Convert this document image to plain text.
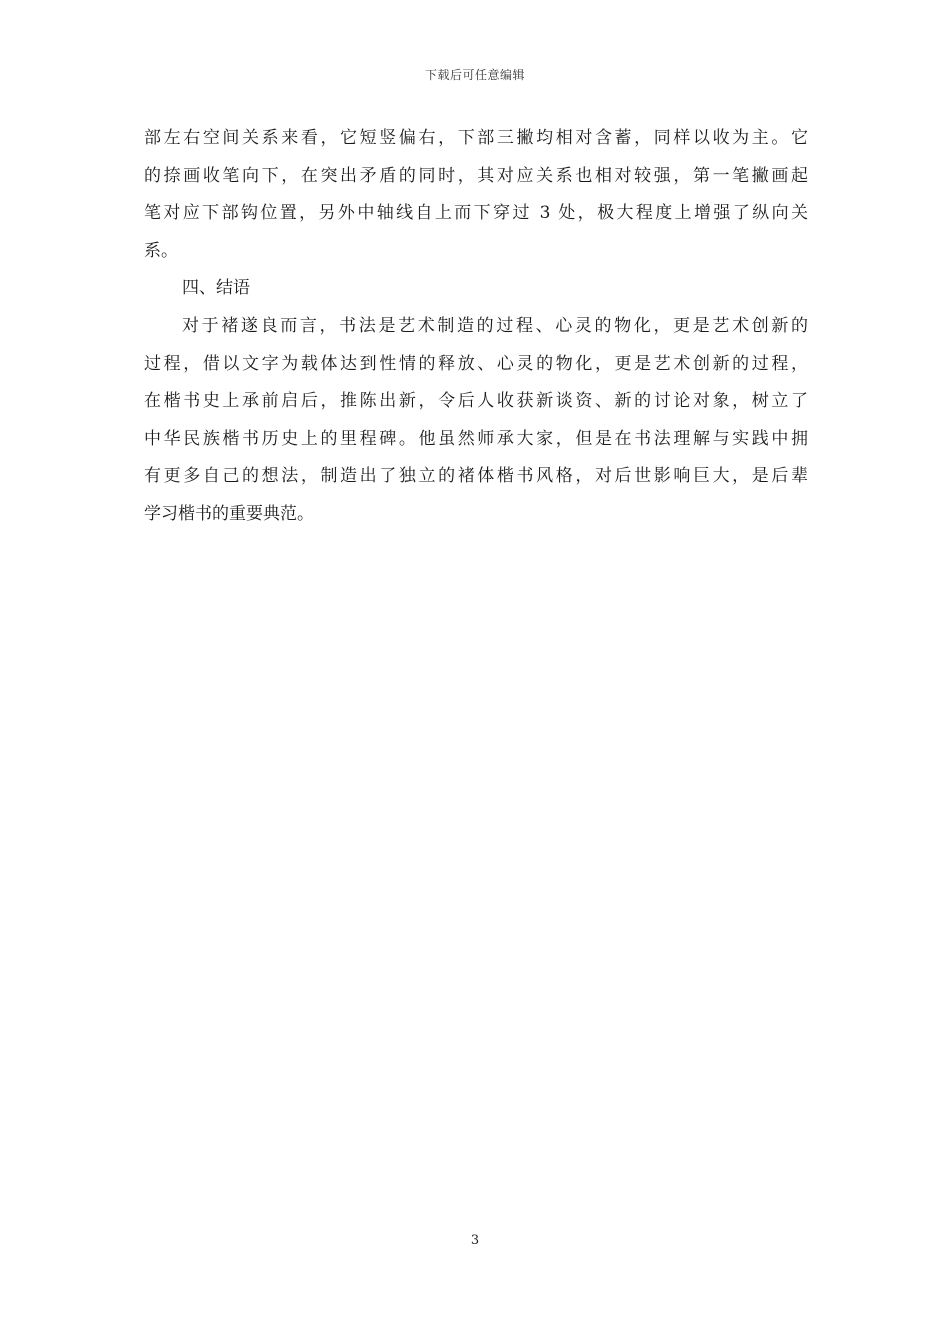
下载后可任意编辑
部左右空间关系来看，它短竖偏右，下部三撇均相对含蓄，同样以收为主。它
的捺画收笔向下，在突出矛盾的同时，其对应关系也相对较强，第一笔撇画起
笔对应下部钩位置，另外中轴线自上而下穿过 3 处，极大程度上增强了纵向关
系。
四、结语
对于褚遂良而言，书法是艺术制造的过程、心灵的物化，更是艺术创新的
过程，借以文字为载体达到性情的释放、心灵的物化，更是艺术创新的过程，
在楷书史上承前启后，推陈出新，令后人收获新谈资、新的讨论对象，树立了
中华民族楷书历史上的里程碑。他虽然师承大家，但是在书法理解与实践中拥
有更多自己的想法，制造出了独立的褚体楷书风格，对后世影响巨大，是后辈
学习楷书的重要典范。
3
